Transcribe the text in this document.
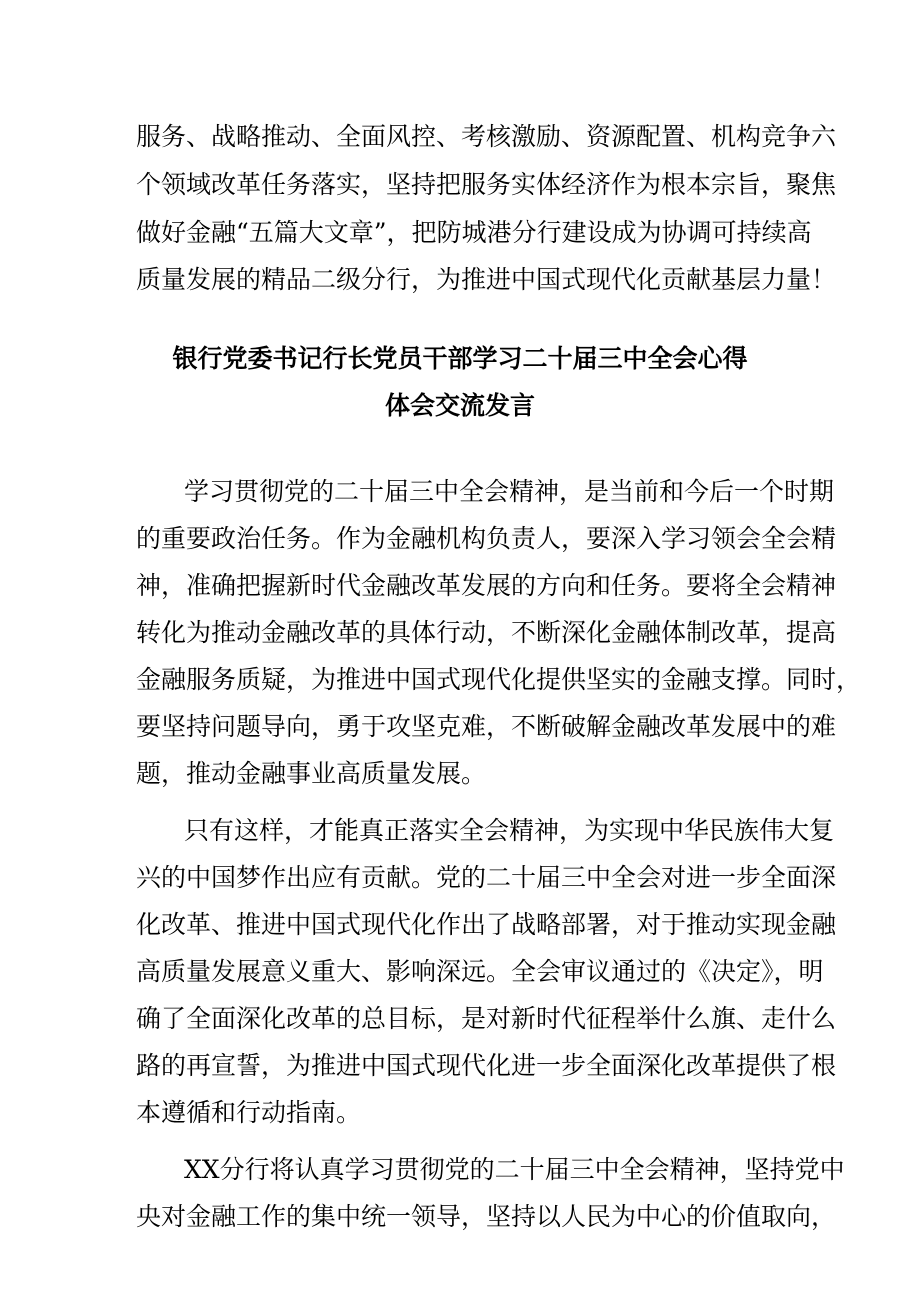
服务、战略推动、全面风控、考核激励、资源配置、机构竞争六
个领域改革任务落实，坚持把服务实体经济作为根本宗旨，聚焦
做好金融“五篇大文章”，把防城港分行建设成为协调可持续高
质量发展的精品二级分行，为推进中国式现代化贡献基层力量！
银行党委书记行长党员干部学习二十届三中全会心得
体会交流发言
学习贯彻党的二十届三中全会精神，是当前和今后一个时期
的重要政治任务。作为金融机构负责人，要深入学习领会全会精
神，准确把握新时代金融改革发展的方向和任务。要将全会精神
转化为推动金融改革的具体行动，不断深化金融体制改革，提高
金融服务质疑，为推进中国式现代化提供坚实的金融支撑。同时，
要坚持问题导向，勇于攻坚克难，不断破解金融改革发展中的难
题，推动金融事业高质量发展。
只有这样，才能真正落实全会精神，为实现中华民族伟大复
兴的中国梦作出应有贡献。党的二十届三中全会对进一步全面深
化改革、推进中国式现代化作出了战略部署，对于推动实现金融
高质量发展意义重大、影响深远。全会审议通过的《决定》，明
确了全面深化改革的总目标，是对新时代征程举什么旗、走什么
路的再宣誓，为推进中国式现代化进一步全面深化改革提供了根
本遵循和行动指南。
XX分行将认真学习贯彻党的二十届三中全会精神，坚持党中
央对金融工作的集中统一领导，坚持以人民为中心的价值取向，
